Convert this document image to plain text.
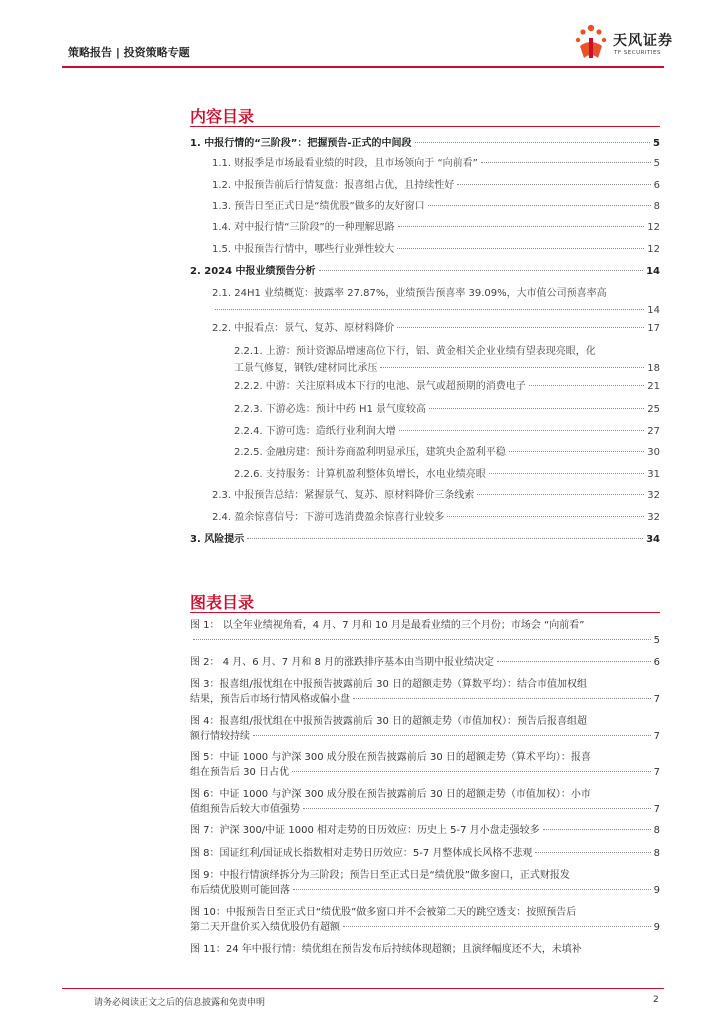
策略报告 | 投资策略专题
天风证券
TF SECURITIES
内容目录
1. 中报行情的“三阶段”：把握预告-正式的中间段	5
1.1. 财报季是市场最看业绩的时段，且市场领向于 “向前看”	5
1.2. 中报预告前后行情复盘：报喜组占优，且持续性好	6
1.3. 预告日至正式日是“绩优股”做多的友好窗口	8
1.4. 对中报行情“三阶段”的一种理解思路	12
1.5. 中报预告行情中，哪些行业弹性较大	12
2. 2024 中报业绩预告分析	14
2.1. 24H1 业绩概览：披露率 27.87%，业绩预告预喜率 39.09%，大市值公司预喜率高
14
2.2. 中报看点：景气、复苏、原材料降价	17
2.2.1. 上游：预计资源品增速高位下行，铝、黄金相关企业业绩有望表现亮眼，化
工景气修复，钢铁/建材同比承压	18
2.2.2. 中游：关注原料成本下行的电池、景气或超预期的消费电子	21
2.2.3. 下游必选：预计中药 H1 景气度较高	25
2.2.4. 下游可选：造纸行业利润大增	27
2.2.5. 金融房建：预计券商盈利明显承压，建筑央企盈利平稳	30
2.2.6. 支持服务：计算机盈利整体负增长，水电业绩亮眼	31
2.3. 中报预告总结：紧握景气、复苏、原材料降价三条线索	32
2.4. 盈余惊喜信号：下游可选消费盈余惊喜行业较多	32
3. 风险提示	34
图表目录
图 1： 以全年业绩视角看，4 月、7 月和 10 月是最看业绩的三个月份；市场会 “向前看”
5
图 2： 4 月、6 月、7 月和 8 月的涨跌排序基本由当期中报业绩决定	6
图 3：报喜组/报忧组在中报预告披露前后 30 日的超额走势（算数平均）：结合市值加权组
结果，预告后市场行情风格或偏小盘	7
图 4：报喜组/报忧组在中报预告披露前后 30 日的超额走势（市值加权）：预告后报喜组超
额行情较持续	7
图 5：中证 1000 与沪深 300 成分股在预告披露前后 30 日的超额走势（算术平均）：报喜
组在预告后 30 日占优	7
图 6：中证 1000 与沪深 300 成分股在预告披露前后 30 日的超额走势（市值加权）：小市
值组预告后较大市值强势	7
图 7：沪深 300/中证 1000 相对走势的日历效应：历史上 5-7 月小盘走强较多	8
图 8：国证红利/国证成长指数相对走势日历效应：5-7 月整体成长风格不悲观	8
图 9：中报行情演绎拆分为三阶段；预告日至正式日是“绩优股”做多窗口，正式财报发
布后绩优股则可能回落	9
图 10：中报预告日至正式日“绩优股”做多窗口并不会被第二天的跳空透支：按照预告后
第二天开盘价买入绩优股仍有超额	9
图 11：24 年中报行情：绩优组在预告发布后持续体现超额；且演绎幅度还不大，未填补
请务必阅读正文之后的信息披露和免责申明	2
